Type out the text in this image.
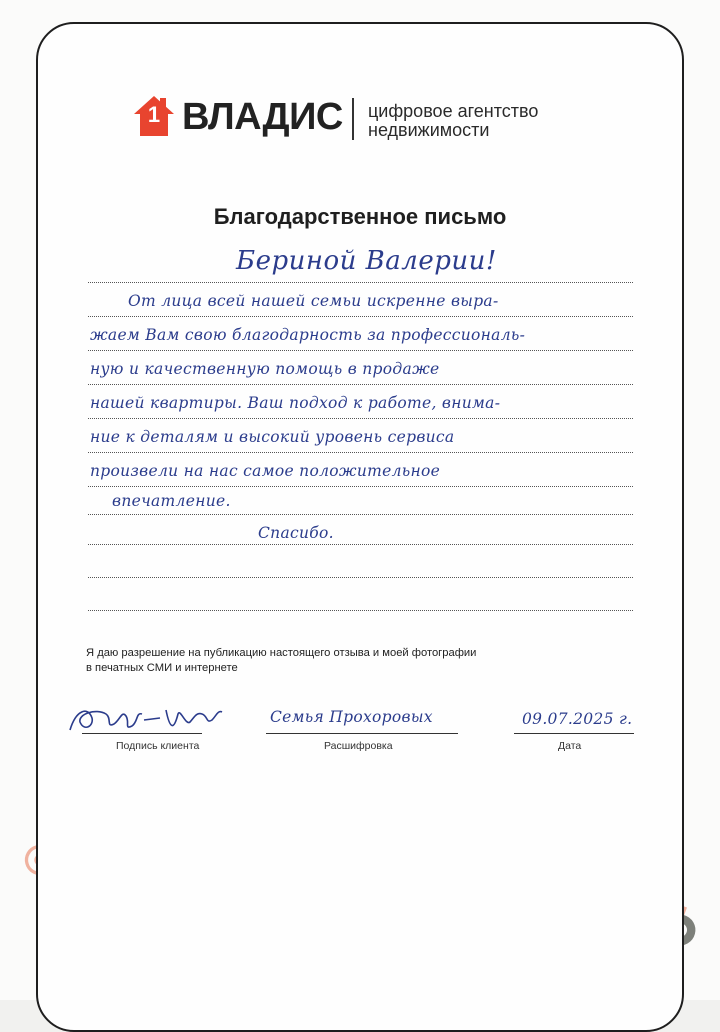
1 ВЛАДИС цифровое агентство
недвижимости
Благодарственное письмо
Бериной Валерии!
От лица всей нашей семьи искренне выра-
жаем Вам свою благодарность за профессиональ-
ную и качественную помощь в продаже
нашей квартиры. Ваш подход к работе, внима-
ние к деталям и высокий уровень сервиса
произвели на нас самое положительное
впечатление.
Спасибо.
Я даю разрешение на публикацию настоящего отзыва и моей фотографии
в печатных СМИ и интернете
Подпись клиента
Семья Прохоровых
Расшифровка
09.07.2025 г.
Дата
